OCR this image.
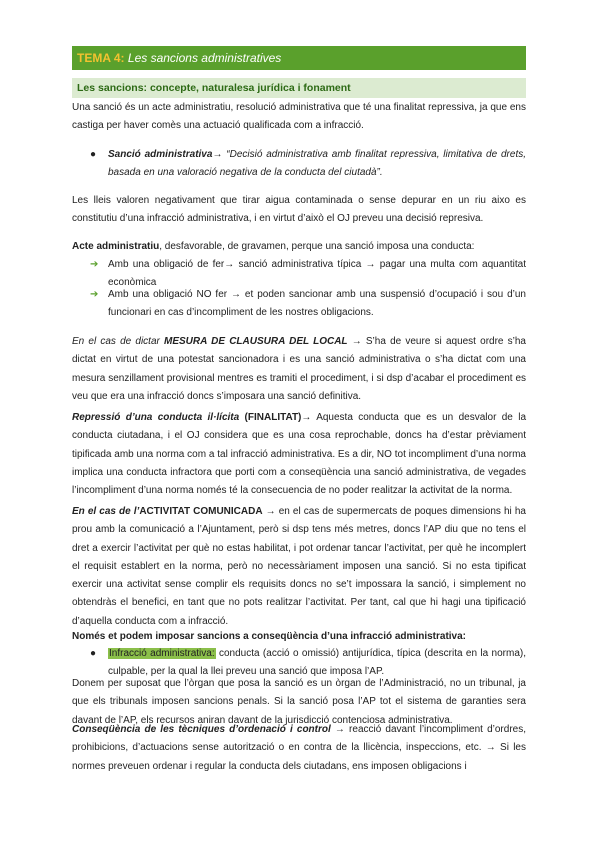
TEMA 4: Les sancions administratives
Les sancions: concepte, naturalesa jurídica i fonament

Una sanció és un acte administratiu, resolució administrativa que té una finalitat repressiva, ja que ens castiga per haver comès una actuació qualificada com a infracció.

● Sanció administrativa→ “Decisió administrativa amb finalitat repressiva, limitativa de drets, basada en una valoració negativa de la conducta del ciutadà”.

Les lleis valoren negativament que tirar aigua contaminada o sense depurar en un riu aixo es constitutiu d’una infracció administrativa, i en virtut d’això el OJ preveu una decisió represiva.

Acte administratiu, desfavorable, de gravamen, perque una sanció imposa una conducta:

➔ Amb una obligació de fer→ sanció administrativa típica → pagar una multa com aquantitat econòmica
➔ Amb una obligació NO fer → et poden sancionar amb una suspensió d’ocupació i sou d’un funcionari en cas d’incompliment de les nostres obligacions.

En el cas de dictar MESURA DE CLAUSURA DEL LOCAL → S’ha de veure si aquest ordre s’ha dictat en virtut de una potestat sancionadora i es una sanció administrativa o s’ha dictat com una mesura senzillament provisional mentres es tramiti el procediment, i si dsp d’acabar el procediment es veu que era una infracció doncs s’imposara una sanció definitiva.

Repressió d’una conducta il·lícita (FINALITAT)→ Aquesta conducta que es un desvalor de la conducta ciutadana, i el OJ considera que es una cosa reprochable, doncs ha d’estar prèviament tipificada amb una norma com a tal infracció administrativa. Es a dir, NO tot incompliment d’una norma implica una conducta infractora que porti com a conseqüència una sanció administrativa, de vegades l’incompliment d’una norma només té la consecuencia de no poder realitzar la activitat de la norma.

En el cas de l’ACTIVITAT COMUNICADA → en el cas de supermercats de poques dimensions hi ha prou amb la comunicació a l’Ajuntament, però si dsp tens més metres, doncs l’AP diu que no tens el dret a exercir l’activitat per què no estas habilitat, i pot ordenar tancar l’activitat, per què he incomplert el requisit establert en la norma, però no necessàriament imposen una sanció. Si no esta tipificat exercir una activitat sense complir els requisits doncs no se’t impossara la sanció, i simplement no obtendràs el benefici, en tant que no pots realitzar l’activitat. Per tant, cal que hi hagi una tipificació d’aquella conducta com a infracció.

Només et podem imposar sancions a conseqüència d’una infracció administrativa:

● Infracció administrativa: conducta (acció o omissió) antijurídica, típica (descrita en la norma), culpable, per la qual la llei preveu una sanció que imposa l’AP.

Donem per suposat que l’òrgan que posa la sanció es un òrgan de l’Administració, no un tribunal, ja que els tribunals imposen sancions penals. Si la sanció posa l’AP tot el sistema de garanties sera davant de l’AP, els recursos aniran davant de la jurisdicció contenciosa administrativa.

Conseqüència de les tècniques d’ordenació i control → reacció davant l’incompliment d’ordres, prohibicions, d’actuacions sense autorització o en contra de la llicència, inspeccions, etc. → Si les normes preveuen ordenar i regular la conducta dels ciutadans, ens imposen obligacions i
